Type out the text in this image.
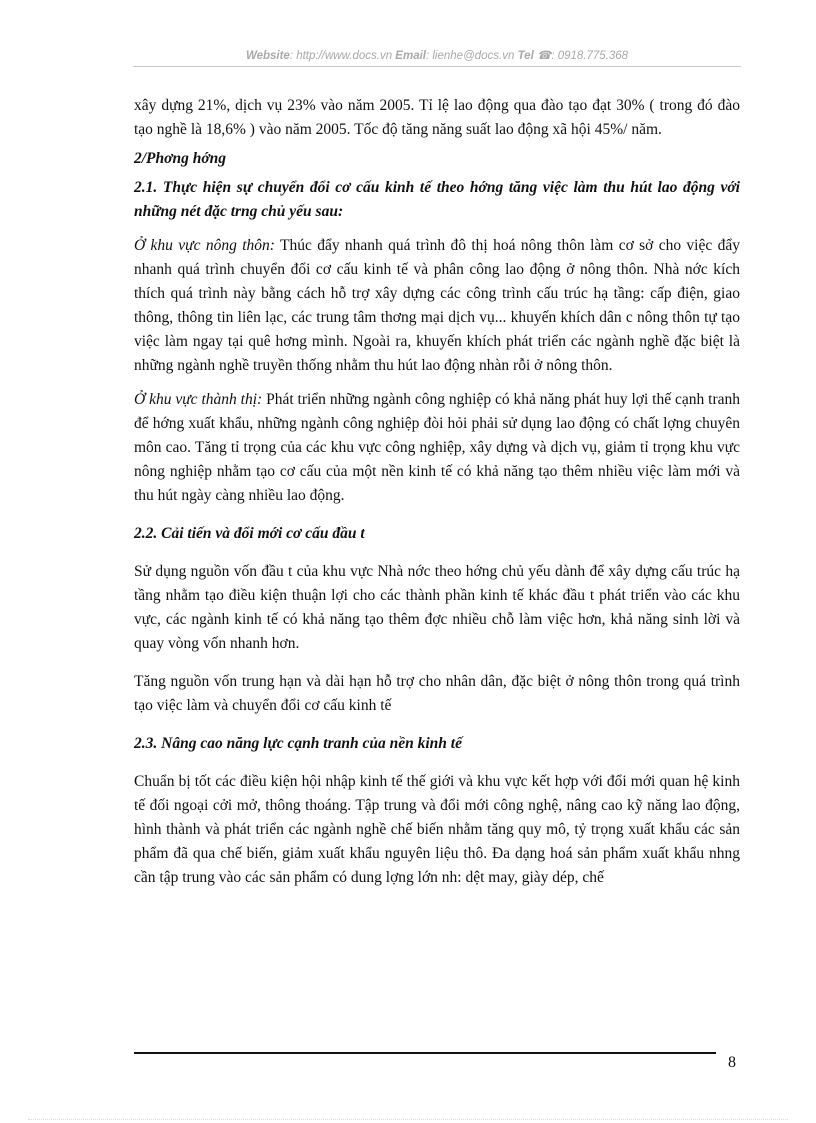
Website: http://www.docs.vn Email: lienhe@docs.vn Tel ☎: 0918.775.368

xây dựng 21%, dịch vụ 23% vào năm 2005. Tỉ lệ lao động qua đào tạo đạt 30% ( trong đó đào tạo nghề là 18,6% ) vào năm 2005. Tốc độ tăng năng suất lao động xã hội 45%/ năm.

2/Phơng hớng

2.1. Thực hiện sự chuyển đổi cơ cấu kinh tế theo hớng tăng việc làm thu hút lao động với những nét đặc trng chủ yếu sau:

Ở khu vực nông thôn: Thúc đẩy nhanh quá trình đô thị hoá nông thôn làm cơ sở cho việc đẩy nhanh quá trình chuyển đổi cơ cấu kinh tế và phân công lao động ở nông thôn. Nhà nớc kích thích quá trình này bằng cách hỗ trợ xây dựng các công trình cấu trúc hạ tầng: cấp điện, giao thông, thông tin liên lạc, các trung tâm thơng mại dịch vụ... khuyến khích dân c nông thôn tự tạo việc làm ngay tại quê hơng mình. Ngoài ra, khuyến khích phát triển các ngành nghề đặc biệt là những ngành nghề truyền thống nhằm thu hút lao động nhàn rỗi ở nông thôn.

Ở khu vực thành thị: Phát triển những ngành công nghiệp có khả năng phát huy lợi thế cạnh tranh để hớng xuất khẩu, những ngành công nghiệp đòi hỏi phải sử dụng lao động có chất lợng chuyên môn cao. Tăng tỉ trọng của các khu vực công nghiệp, xây dựng và dịch vụ, giảm tỉ trọng khu vực nông nghiệp nhằm tạo cơ cấu của một nền kinh tế có khả năng tạo thêm nhiều việc làm mới và thu hút ngày càng nhiều lao động.

2.2. Cải tiến và đổi mới cơ cấu đầu t

Sử dụng nguồn vốn đầu t của khu vực Nhà nớc theo hớng chủ yếu dành để xây dựng cấu trúc hạ tầng nhằm tạo điều kiện thuận lợi cho các thành phần kinh tế khác đầu t phát triển vào các khu vực, các ngành kinh tế có khả năng tạo thêm đợc nhiều chỗ làm việc hơn, khả năng sinh lời và quay vòng vốn nhanh hơn.

Tăng nguồn vốn trung hạn và dài hạn hỗ trợ cho nhân dân, đặc biệt ở nông thôn trong quá trình tạo việc làm và chuyển đổi cơ cấu kinh tế

2.3. Nâng cao năng lực cạnh tranh của nền kinh tế

Chuẩn bị tốt các điều kiện hội nhập kinh tế thế giới và khu vực kết hợp với đổi mới quan hệ kinh tế đối ngoại cởi mở, thông thoáng. Tập trung và đổi mới công nghệ, nâng cao kỹ năng lao động, hình thành và phát triển các ngành nghề chế biến nhằm tăng quy mô, tỷ trọng xuất khẩu các sản phẩm đã qua chế biến, giảm xuất khẩu nguyên liệu thô. Đa dạng hoá sản phẩm xuất khẩu nhng cần tập trung vào các sản phẩm có dung lợng lớn nh: dệt may, giày dép, chế

8
